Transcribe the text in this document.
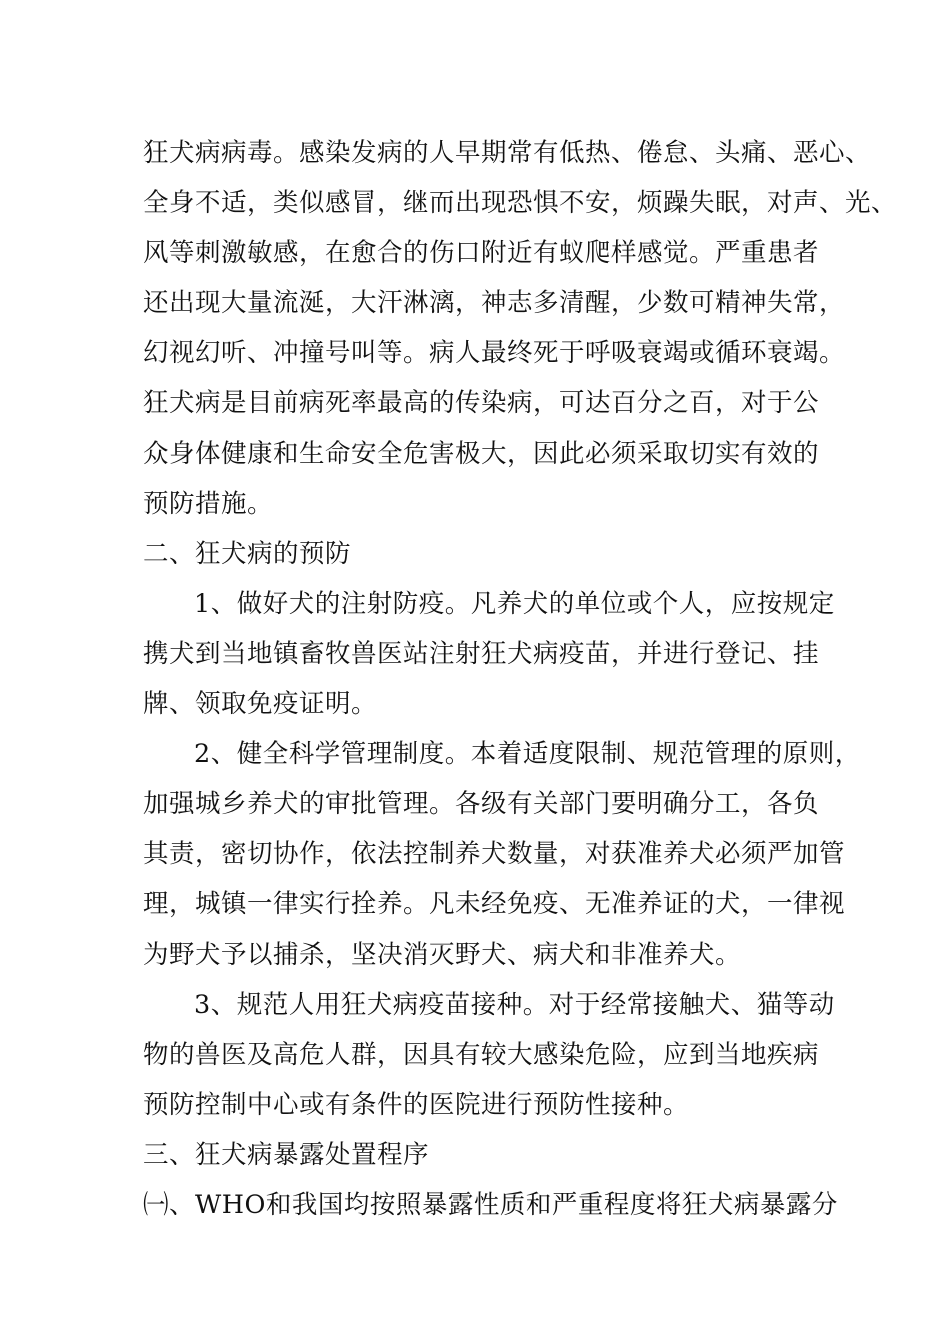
狂犬病病毒。感染发病的人早期常有低热、倦怠、头痛、恶心、
全身不适，类似感冒，继而出现恐惧不安，烦躁失眠，对声、光、
风等刺激敏感，在愈合的伤口附近有蚁爬样感觉。严重患者
还出现大量流涎，大汗淋漓，神志多清醒，少数可精神失常，
幻视幻听、冲撞号叫等。病人最终死于呼吸衰竭或循环衰竭。
狂犬病是目前病死率最高的传染病，可达百分之百，对于公
众身体健康和生命安全危害极大，因此必须采取切实有效的
预防措施。
二、狂犬病的预防
1、做好犬的注射防疫。凡养犬的单位或个人，应按规定
携犬到当地镇畜牧兽医站注射狂犬病疫苗，并进行登记、挂
牌、领取免疫证明。
2、健全科学管理制度。本着适度限制、规范管理的原则，
加强城乡养犬的审批管理。各级有关部门要明确分工，各负
其责，密切协作，依法控制养犬数量，对获准养犬必须严加管
理，城镇一律实行拴养。凡未经免疫、无准养证的犬，一律视
为野犬予以捕杀，坚决消灭野犬、病犬和非准养犬。
3、规范人用狂犬病疫苗接种。对于经常接触犬、猫等动
物的兽医及高危人群，因具有较大感染危险，应到当地疾病
预防控制中心或有条件的医院进行预防性接种。
三、狂犬病暴露处置程序
㈠、WHO和我国均按照暴露性质和严重程度将狂犬病暴露分
